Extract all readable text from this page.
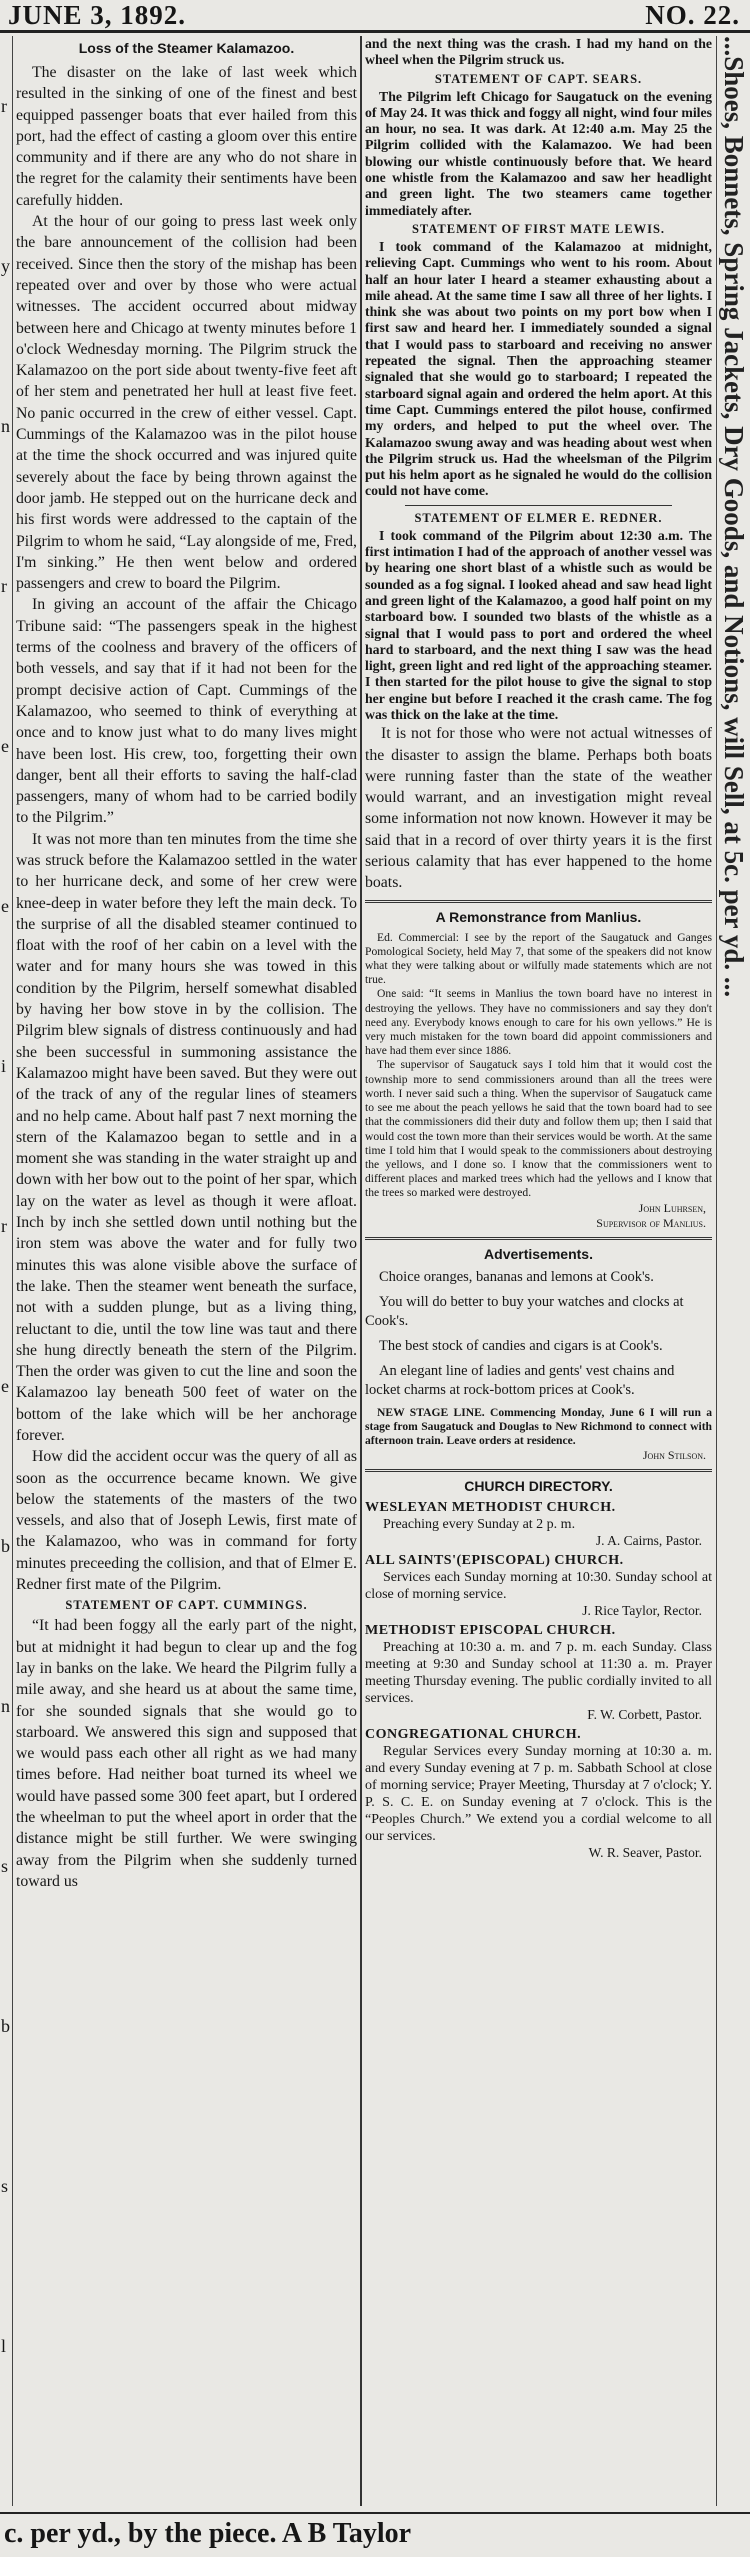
JUNE 3, 1892.	NO. 22.
r
y
n
r
e
e
i
r
e
b
n
s
b
s
l
Loss of the Steamer Kalamazoo.

The disaster on the lake of last week which resulted in the sinking of one of the finest and best equipped passenger boats that ever hailed from this port, had the effect of casting a gloom over this entire community and if there are any who do not share in the regret for the calamity their sentiments have been carefully hidden.

At the hour of our going to press last week only the bare announcement of the collision had been received. Since then the story of the mishap has been repeated over and over by those who were actual witnesses. The accident occurred about midway between here and Chicago at twenty minutes before 1 o'clock Wednesday morning. The Pilgrim struck the Kalamazoo on the port side about twenty-five feet aft of her stem and penetrated her hull at least five feet. No panic occurred in the crew of either vessel. Capt. Cummings of the Kalamazoo was in the pilot house at the time the shock occurred and was injured quite severely about the face by being thrown against the door jamb. He stepped out on the hurricane deck and his first words were addressed to the captain of the Pilgrim to whom he said, “Lay alongside of me, Fred, I'm sinking.” He then went below and ordered passengers and crew to board the Pilgrim.

In giving an account of the affair the Chicago Tribune said: “The passengers speak in the highest terms of the coolness and bravery of the officers of both vessels, and say that if it had not been for the prompt decisive action of Capt. Cummings of the Kalamazoo, who seemed to think of everything at once and to know just what to do many lives might have been lost. His crew, too, forgetting their own danger, bent all their efforts to saving the half-clad passengers, many of whom had to be carried bodily to the Pilgrim.”

It was not more than ten minutes from the time she was struck before the Kalamazoo settled in the water to her hurricane deck, and some of her crew were knee-deep in water before they left the main deck. To the surprise of all the disabled steamer continued to float with the roof of her cabin on a level with the water and for many hours she was towed in this condition by the Pilgrim, herself somewhat disabled by having her bow stove in by the collision. The Pilgrim blew signals of distress continuously and had she been successful in summoning assistance the Kalamazoo might have been saved. But they were out of the track of any of the regular lines of steamers and no help came. About half past 7 next morning the stern of the Kalamazoo began to settle and in a moment she was standing in the water straight up and down with her bow out to the point of her spar, which lay on the water as level as though it were afloat. Inch by inch she settled down until nothing but the iron stem was above the water and for fully two minutes this was alone visible above the surface of the lake. Then the steamer went beneath the surface, not with a sudden plunge, but as a living thing, reluctant to die, until the tow line was taut and there she hung directly beneath the stern of the Pilgrim. Then the order was given to cut the line and soon the Kalamazoo lay beneath 500 feet of water on the bottom of the lake which will be her anchorage forever.

How did the accident occur was the query of all as soon as the occurrence became known. We give below the statements of the masters of the two vessels, and also that of Joseph Lewis, first mate of the Kalamazoo, who was in command for forty minutes preceeding the collision, and that of Elmer E. Redner first mate of the Pilgrim.

STATEMENT OF CAPT. CUMMINGS.

“It had been foggy all the early part of the night, but at midnight it had begun to clear up and the fog lay in banks on the lake. We heard the Pilgrim fully a mile away, and she heard us at about the same time, for she sounded signals that she would go to starboard. We answered this sign and supposed that we would pass each other all right as we had many times before. Had neither boat turned its wheel we would have passed some 300 feet apart, but I ordered the wheelman to put the wheel aport in order that the distance might be still further. We were swinging away from the Pilgrim when she suddenly turned toward us

and the next thing was the crash. I had my hand on the wheel when the Pilgrim struck us.

STATEMENT OF CAPT. SEARS.

The Pilgrim left Chicago for Saugatuck on the evening of May 24. It was thick and foggy all night, wind four miles an hour, no sea. It was dark. At 12:40 a.m. May 25 the Pilgrim collided with the Kalamazoo. We had been blowing our whistle continuously before that. We heard one whistle from the Kalamazoo and saw her headlight and green light. The two steamers came together immediately after.

STATEMENT OF FIRST MATE LEWIS.

I took command of the Kalamazoo at midnight, relieving Capt. Cummings who went to his room. About half an hour later I heard a steamer exhausting about a mile ahead. At the same time I saw all three of her lights. I think she was about two points on my port bow when I first saw and heard her. I immediately sounded a signal that I would pass to starboard and receiving no answer repeated the signal. Then the approaching steamer signaled that she would go to starboard; I repeated the starboard signal again and ordered the helm aport. At this time Capt. Cummings entered the pilot house, confirmed my orders, and helped to put the wheel over. The Kalamazoo swung away and was heading about west when the Pilgrim struck us. Had the wheelsman of the Pilgrim put his helm aport as he signaled he would do the collision could not have come.

STATEMENT OF ELMER E. REDNER.

I took command of the Pilgrim about 12:30 a.m. The first intimation I had of the approach of another vessel was by hearing one short blast of a whistle such as would be sounded as a fog signal. I looked ahead and saw head light and green light of the Kalamazoo, a good half point on my starboard bow. I sounded two blasts of the whistle as a signal that I would pass to port and ordered the wheel hard to starboard, and the next thing I saw was the head light, green light and red light of the approaching steamer. I then started for the pilot house to give the signal to stop her engine but before I reached it the crash came. The fog was thick on the lake at the time.

It is not for those who were not actual witnesses of the disaster to assign the blame. Perhaps both boats were running faster than the state of the weather would warrant, and an investigation might reveal some information not now known. However it may be said that in a record of over thirty years it is the first serious calamity that has ever happened to the home boats.

A Remonstrance from Manlius.

Ed. Commercial: I see by the report of the Saugatuck and Ganges Pomological Society, held May 7, that some of the speakers did not know what they were talking about or wilfully made statements which are not true.

One said: “It seems in Manlius the town board have no interest in destroying the yellows. They have no commissioners and say they don't need any. Everybody knows enough to care for his own yellows.” He is very much mistaken for the town board did appoint commissioners and have had them ever since 1886.

The supervisor of Saugatuck says I told him that it would cost the township more to send commissioners around than all the trees were worth. I never said such a thing. When the supervisor of Saugatuck came to see me about the peach yellows he said that the town board had to see that the commissioners did their duty and follow them up; then I said that would cost the town more than their services would be worth. At the same time I told him that I would speak to the commissioners about destroying the yellows, and I done so. I know that the commissioners went to different places and marked trees which had the yellows and I know that the trees so marked were destroyed.

John Luhrsen,

Supervisor of Manlius.

Advertisements.

Choice oranges, bananas and lemons at Cook's.

You will do better to buy your watches and clocks at Cook's.

The best stock of candies and cigars is at Cook's.

An elegant line of ladies and gents' vest chains and locket charms at rock-bottom prices at Cook's.

NEW STAGE LINE. Commencing Monday, June 6 I will run a stage from Saugatuck and Douglas to New Richmond to connect with afternoon train. Leave orders at residence.

John Stilson.

CHURCH DIRECTORY.
WESLEYAN METHODIST CHURCH.

Preaching every Sunday at 2 p. m.

J. A. Cairns, Pastor.

ALL SAINTS'(EPISCOPAL) CHURCH.

Services each Sunday morning at 10:30. Sunday school at close of morning service.

J. Rice Taylor, Rector.

METHODIST EPISCOPAL CHURCH.

Preaching at 10:30 a. m. and 7 p. m. each Sunday. Class meeting at 9:30 and Sunday school at 11:30 a. m. Prayer meeting Thursday evening. The public cordially invited to all services.

F. W. Corbett, Pastor.

CONGREGATIONAL CHURCH.

Regular Services every Sunday morning at 10:30 a. m. and every Sunday evening at 7 p. m. Sabbath School at close of morning service; Prayer Meeting, Thursday at 7 o'clock; Y. P. S. C. E. on Sunday evening at 7 o'clock. This is the “Peoples Church.” We extend you a cordial welcome to all our services.

W. R. Seaver, Pastor.

...Shoes, Bonnets, Spring Jackets, Dry Goods, and Notions, will Sell, at 5c. per yd. ...
c. per yd., by the piece. A B Taylor
